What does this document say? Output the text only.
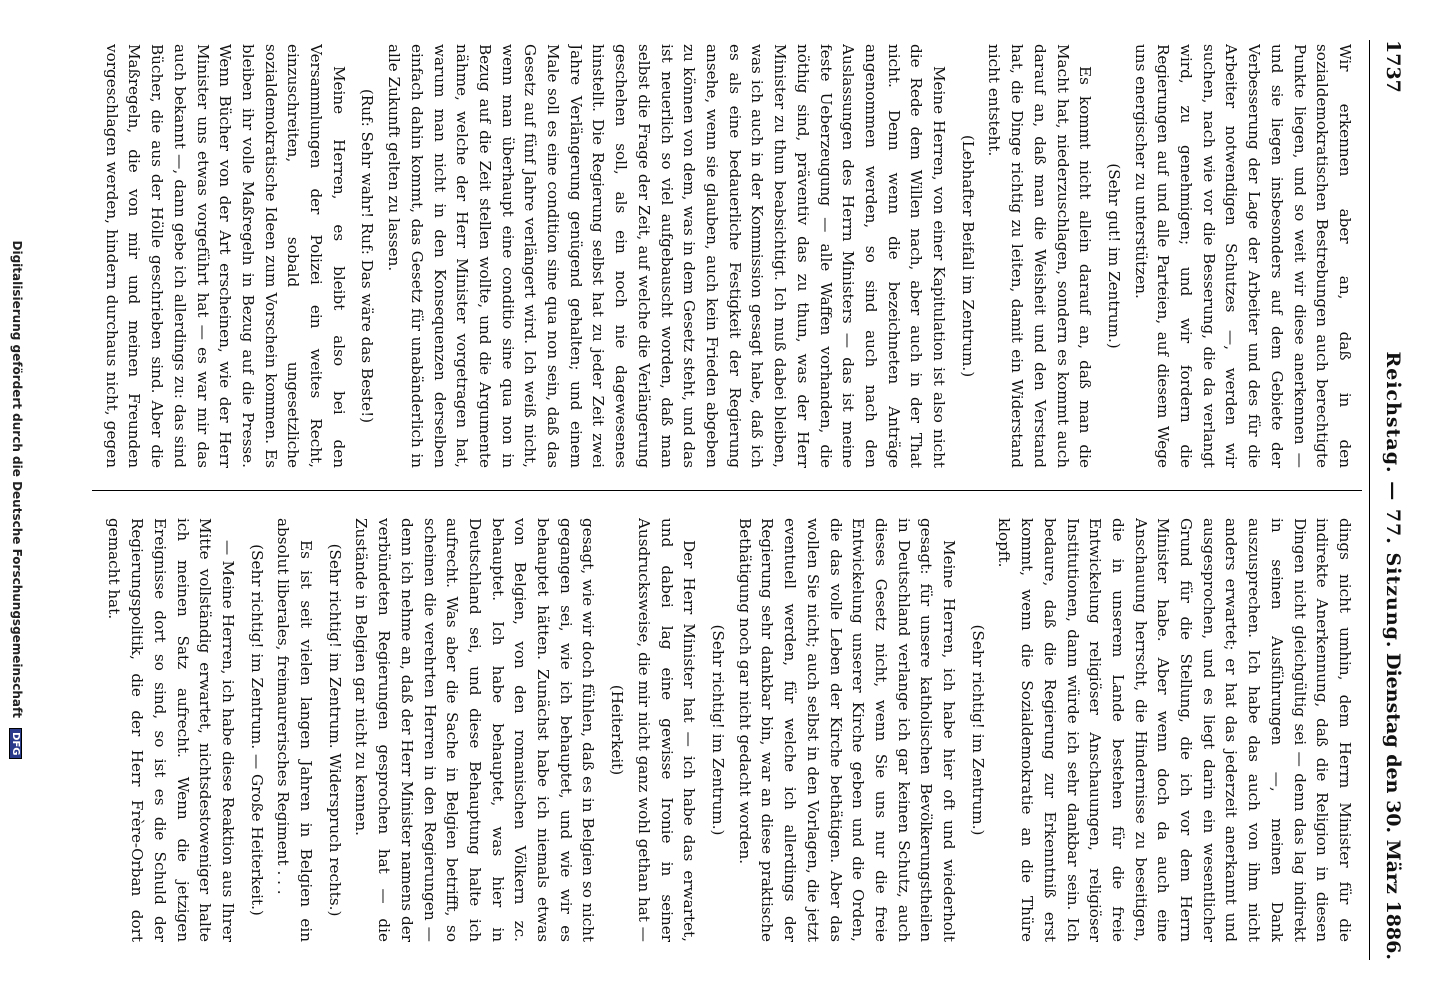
1737
Reichstag. — 77. Sitzung.
Dienstag den 30. März 1886.

Wir erkennen aber an, daß in den sozialdemokratischen Bestrebungen auch berechtigte Punkte liegen, und so weit wir diese anerkennen — und sie liegen insbesonders auf dem Gebiete der Verbesserung der Lage der Arbeiter und des für die Arbeiter notwendigen Schutzes —, werden wir suchen, nach wie vor die Besserung, die da verlangt wird, zu genehmigen; und wir fordern die Regierungen auf und alle Parteien, auf diesem Wege uns energischer zu unterstützen.

(Sehr gut! im Zentrum.)

Es kommt nicht allein darauf an, daß man die Macht hat, niederzuschlagen, sondern es kommt auch darauf an, daß man die Weisheit und den Verstand hat, die Dinge richtig zu leiten, damit ein Widerstand nicht entsteht.

(Lebhafter Beifall im Zentrum.)

Meine Herren, von einer Kapitulation ist also nicht die Rede dem Willen nach, aber auch in der That nicht. Denn wenn die bezeichneten Anträge angenommen werden, so sind auch nach den Auslassungen des Herrn Ministers — das ist meine feste Ueberzeugung — alle Waffen vorhanden, die nöthig sind, präventiv das zu thun, was der Herr Minister zu thun beabsichtigt. Ich muß dabei bleiben, was ich auch in der Kommission gesagt habe, daß ich es als eine bedauerliche Festigkeit der Regierung ansehe, wenn sie glauben, auch kein Frieden abgeben zu können von dem, was in dem Gesetz steht, und das ist neuerlich so viel aufgebauscht worden, daß man selbst die Frage der Zeit, auf welche die Verlängerung geschehen soll, als ein noch nie dagewesenes hinstellt. Die Regierung selbst hat zu jeder Zeit zwei Jahre Verlängerung genügend gehalten; und einem Male soll es eine condition sine qua non sein, daß das Gesetz auf fünf Jahre verlängert wird. Ich weiß nicht, wenn man überhaupt eine conditio sine qua non in Bezug auf die Zeit stellen wollte, und die Argumente nähme, welche der Herr Minister vorgetragen hat, warum man nicht in den Konsequenzen derselben einfach dahin kommt, das Gesetz für unabänderlich in alle Zukunft gelten zu lassen.

(Ruf: Sehr wahr! Ruf: Das wäre das Beste!)

Meine Herren, es bleibt also bei den Versammlungen der Polizei ein weites Recht, einzuschreiten, sobald ungesetzliche sozialdemokratische Ideen zum Vorschein kommen. Es bleiben ihr volle Maßregeln in Bezug auf die Presse. Wenn Bücher von der Art erscheinen, wie der Herr Minister uns etwas vorgeführt hat — es war mir das auch bekannt —, dann gebe ich allerdings zu: das sind Bücher, die aus der Hölle geschrieben sind. Aber die Maßregeln, die von mir und meinen Freunden vorgeschlagen werden, hindern durchaus nicht, gegen

dings nicht umhin, dem Herrn Minister für die indirekte Anerkennung, daß die Religion in diesen Dingen nicht gleichgültig sei — denn das lag indirekt in seinen Ausführungen —, meinen Dank auszusprechen. Ich habe das auch von ihm nicht anders erwartet; er hat das jederzeit anerkannt und ausgesprochen, und es liegt darin ein wesentlicher Grund für die Stellung, die ich vor dem Herrn Minister habe. Aber wenn doch da auch eine Anschauung herrscht, die Hindernisse zu beseitigen, die in unserem Lande bestehen für die freie Entwickelung religiöser Anschauungen, religiöser Institutionen, dann würde ich sehr dankbar sein. Ich bedaure, daß die Regierung zur Erkenntniß erst kommt, wenn die Sozialdemokratie an die Thüre klopft.

(Sehr richtig! im Zentrum.)

Meine Herren, ich habe hier oft und wiederholt gesagt: für unsere katholischen Bevölkerungstheilen in Deutschland verlange ich gar keinen Schutz, auch dieses Gesetz nicht, wenn Sie uns nur die freie Entwickelung unserer Kirche geben und die Orden, die das volle Leben der Kirche bethätigen. Aber das wollen Sie nicht; auch selbst in den Vorlagen, die jetzt eventuell werden, für welche ich allerdings der Regierung sehr dankbar bin, war an diese praktische Bethätigung noch gar nicht gedacht worden.

(Sehr richtig! im Zentrum.)

Der Herr Minister hat — ich habe das erwartet, und dabei lag eine gewisse Ironie in seiner Ausdrucksweise, die mir nicht ganz wohl gethan hat —

(Heiterkeit)

gesagt, wie wir doch fühlen, daß es in Belgien so nicht gegangen sei, wie ich behauptet, und wie wir es behauptet hätten. Zunächst habe ich niemals etwas von Belgien, von den romanischen Völkern zc. behauptet. Ich habe behauptet, was hier in Deutschland sei, und diese Behauptung halte ich aufrecht. Was aber die Sache in Belgien betrifft, so scheinen die verehrten Herren in den Regierungen — denn ich nehme an, daß der Herr Minister namens der verbündeten Regierungen gesprochen hat — die Zustände in Belgien gar nicht zu kennen.

(Sehr richtig! im Zentrum. Widerspruch rechts.)

Es ist seit vielen langen Jahren in Belgien ein absolut liberales, freimaurerisches Regiment . . .

(Sehr richtig! im Zentrum. — Große Heiterkeit.)

— Meine Herren, ich habe diese Reaktion aus Ihrer Mitte vollständig erwartet, nichtsdestoweniger halte ich meinen Satz aufrecht. Wenn die jetzigen Ereignisse dort so sind, so ist es die Schuld der Regierungspolitik, die der Herr Frère-Orban dort gemacht hat.

Digitalisierung gefördert durch die Deutsche Forschungsgemeinschaft DFG
